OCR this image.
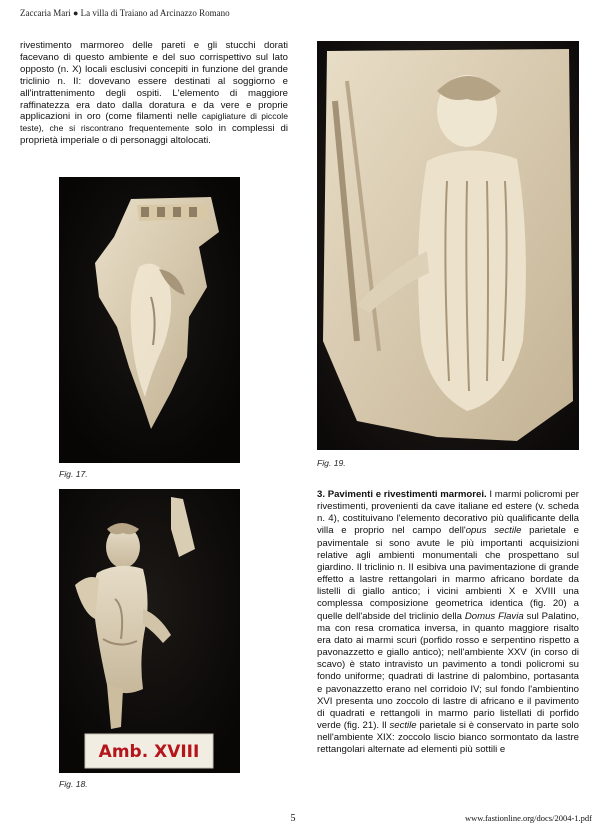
Zaccaria Mari ● La villa di Traiano ad Arcinazzo Romano
rivestimento marmoreo delle pareti e gli stucchi dorati facevano di questo ambiente e del suo corrispettivo sul lato opposto (n. X) locali esclusivi concepiti in funzione del grande triclinio n. II: dovevano essere destinati al soggiorno e all'intrattenimento degli ospiti. L'elemento di maggiore raffinatezza era dato dalla doratura e da vere e proprie applicazioni in oro (come filamenti nelle capigliature di piccole teste), che si riscontrano frequentemente solo in complessi di proprietà imperiale o di personaggi altolocati.
Fig. 17.
Amb. XVIII
Fig. 18.
Fig. 19.
3. Pavimenti e rivestimenti marmorei. I marmi policromi per rivestimenti, provenienti da cave italiane ed estere (v. scheda n. 4), costituivano l'elemento decorativo più qualificante della villa e proprio nel campo dell'opus sectile parietale e pavimentale si sono avute le più importanti acquisizioni relative agli ambienti monumentali che prospettano sul giardino. Il triclinio n. II esibiva una pavimentazione di grande effetto a lastre rettangolari in marmo africano bordate da listelli di giallo antico; i vicini ambienti X e XVIII una complessa composizione geometrica identica (fig. 20) a quelle dell'abside del triclinio della Domus Flavia sul Palatino, ma con resa cromatica inversa, in quanto maggiore risalto era dato ai marmi scuri (porfido rosso e serpentino rispetto a pavonazzetto e giallo antico); nell'ambiente XXV (in corso di scavo) è stato intravisto un pavimento a tondi policromi su fondo uniforme; quadrati di lastrine di palombino, portasanta e pavonazzetto erano nel corridoio IV; sul fondo l'ambientino XVI presenta uno zoccolo di lastre di africano e il pavimento di quadrati e rettangoli in marmo pario listellati di porfido verde (fig. 21). Il sectile parietale si è conservato in parte solo nell'ambiente XIX: zoccolo liscio bianco sormontato da lastre rettangolari alternate ad elementi più sottili e
5	www.fastionline.org/docs/2004-1.pdf
